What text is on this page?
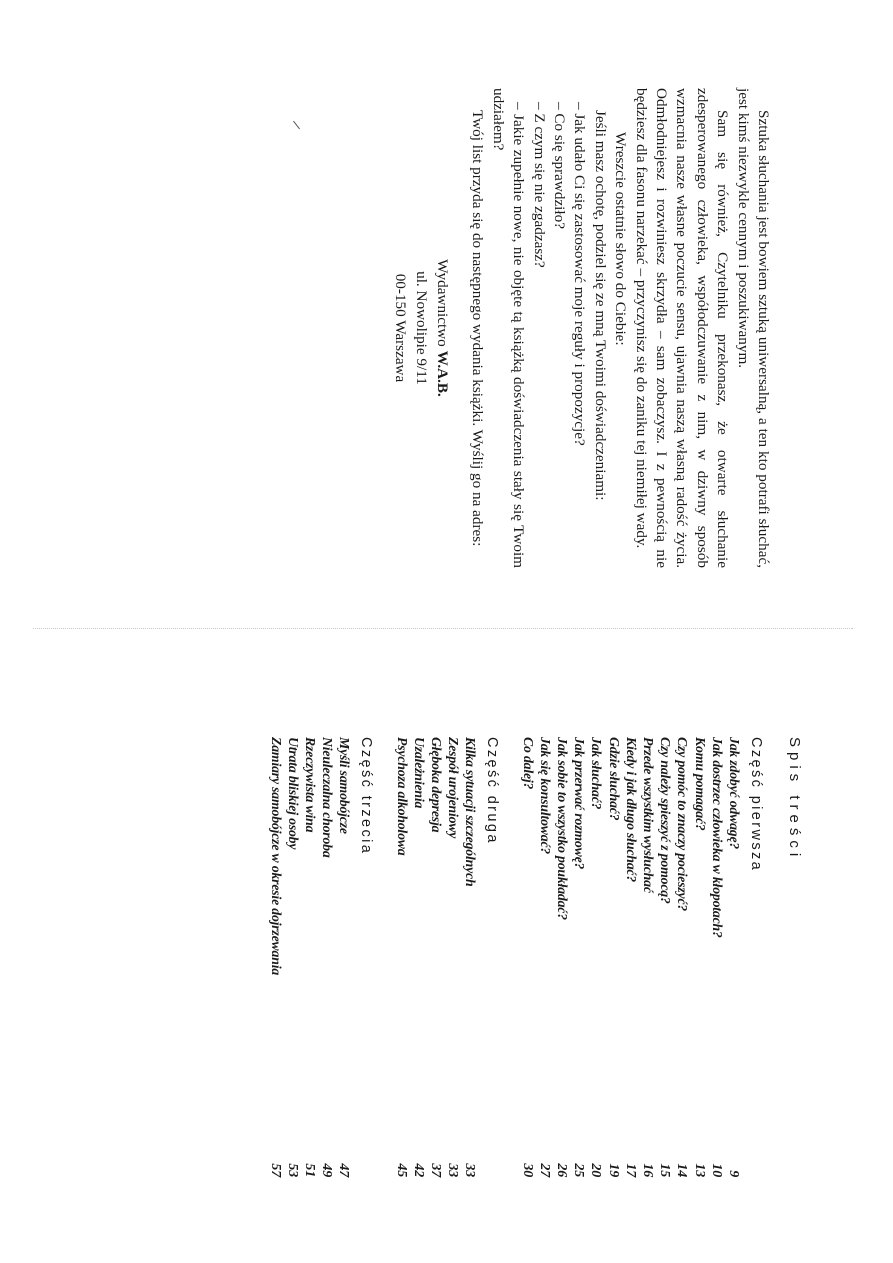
Sztuka słuchania jest bowiem sztuką uniwersalną, a ten kto potrafi słuchać, jest kimś niezwykle cennym i poszukiwanym.

Sam się również, Czytelniku przekonasz, że otwarte słuchanie zdesperowanego człowieka, współodczuwanie z nim, w dziwny sposób wzmacnia nasze własne poczucie sensu, ujawnia naszą własną radość życia. Odmłodniejesz i rozwiniesz skrzydła – sam zobaczysz. I z pewnością nie będziesz dla fasonu narzekać – przyczynisz się do zaniku tej niemiłej wady.

Wreszcie ostatnie słowo do Ciebie:

Jeśli masz ochotę, podziel się ze mną Twoimi doświadczeniami:

– Jak udało Ci się zastosować moje reguły i propozycje?

– Co się sprawdziło?

– Z czym się nie zgadzasz?

– Jakie zupełnie nowe, nie objęte tą książką doświadczenia stały się Twoim udziałem?

Twój list przyda się do następnego wydania książki. Wyślij go na adres:

Wydawnictwo W.A.B.
ul. Nowolipie 9/11
00-150 Warszawa
Spis treści
Część pierwsza
Jak zdobyć odwagę?
9
Jak dostrzec człowieka w kłopotach?
10
Komu pomagać?
13
Czy pomóc to znaczy pocieszyć?
14
Czy należy spieszyć z pomocą?
15
Przede wszystkim wysłuchać
16
Kiedy i jak długo słuchać?
17
Gdzie słuchać?
19
Jak słuchać?
20
Jak przerwać rozmowę?
25
Jak sobie to wszystko poukładać?
26
Jak się konsultować?
27
Co dalej?
30
Część druga
Kilka sytuacji szczególnych
33
Zespół urojeniowy
33
Głęboka depresja
37
Uzależnienia
42
Psychoza alkoholowa
45
Część trzecia
Myśli samobójcze
47
Nieuleczalna choroba
49
Rzeczywista wina
51
Utrata bliskiej osoby
53
Zamiary samobójcze w okresie dojrzewania
57
